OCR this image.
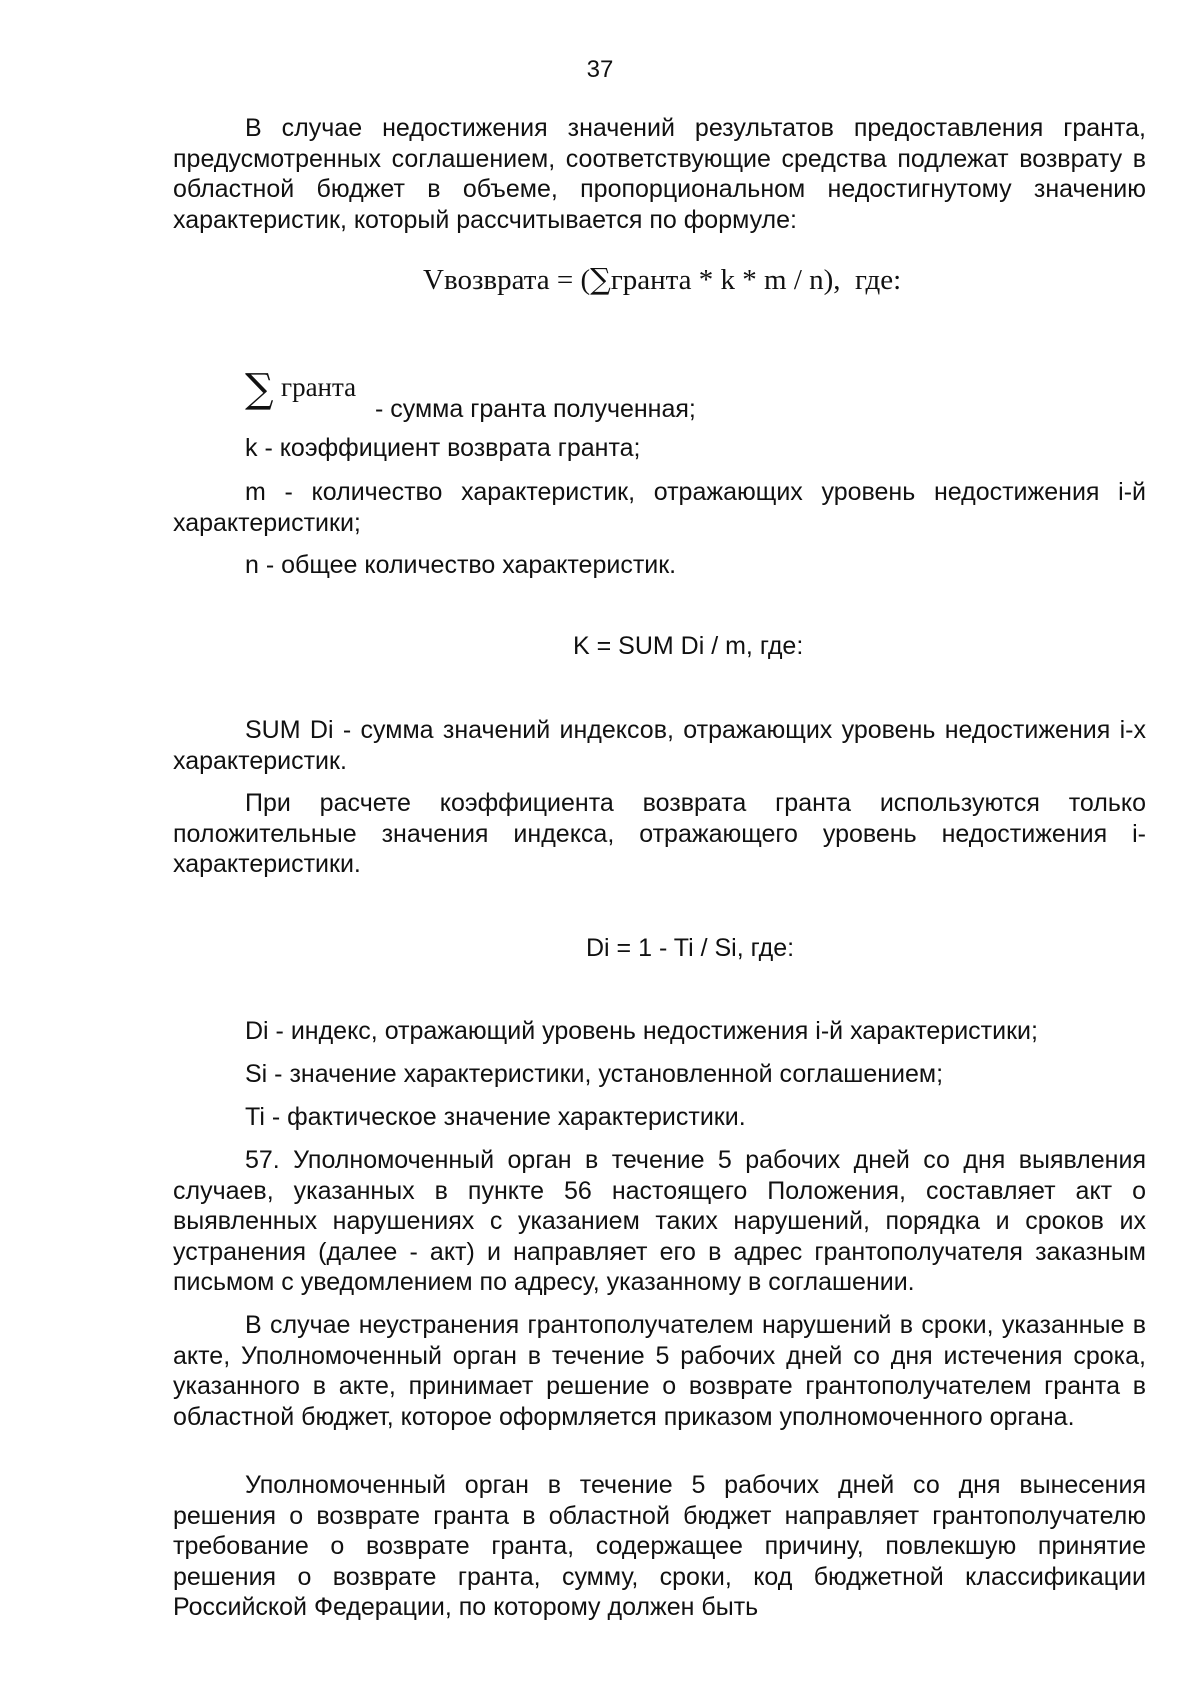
37

В случае недостижения значений результатов предоставления гранта, предусмотренных соглашением, соответствующие средства подлежат возврату в областной бюджет в объеме, пропорциональном недостигнутому значению характеристик, который рассчитывается по формуле:

Vвозврата = (∑гранта * k * m / n), где:
∑ гранта
- сумма гранта полученная;

k - коэффициент возврата гранта;

m - количество характеристик, отражающих уровень недостижения i-й характеристики;

n - общее количество характеристик.

K = SUM Di / m, где:

SUM Di - сумма значений индексов, отражающих уровень недостижения i-х характеристик.

При расчете коэффициента возврата гранта используются только положительные значения индекса, отражающего уровень недостижения i-характеристики.

Di = 1 - Ti / Si, где:

Di - индекс, отражающий уровень недостижения i-й характеристики;

Si - значение характеристики, установленной соглашением;

Ti - фактическое значение характеристики.

57. Уполномоченный орган в течение 5 рабочих дней со дня выявления случаев, указанных в пункте 56 настоящего Положения, составляет акт о выявленных нарушениях с указанием таких нарушений, порядка и сроков их устранения (далее - акт) и направляет его в адрес грантополучателя заказным письмом с уведомлением по адресу, указанному в соглашении.

В случае неустранения грантополучателем нарушений в сроки, указанные в акте, Уполномоченный орган в течение 5 рабочих дней со дня истечения срока, указанного в акте, принимает решение о возврате грантополучателем гранта в областной бюджет, которое оформляется приказом уполномоченного органа.

Уполномоченный орган в течение 5 рабочих дней со дня вынесения решения о возврате гранта в областной бюджет направляет грантополучателю требование о возврате гранта, содержащее причину, повлекшую принятие решения о возврате гранта, сумму, сроки, код бюджетной классификации Российской Федерации, по которому должен быть
